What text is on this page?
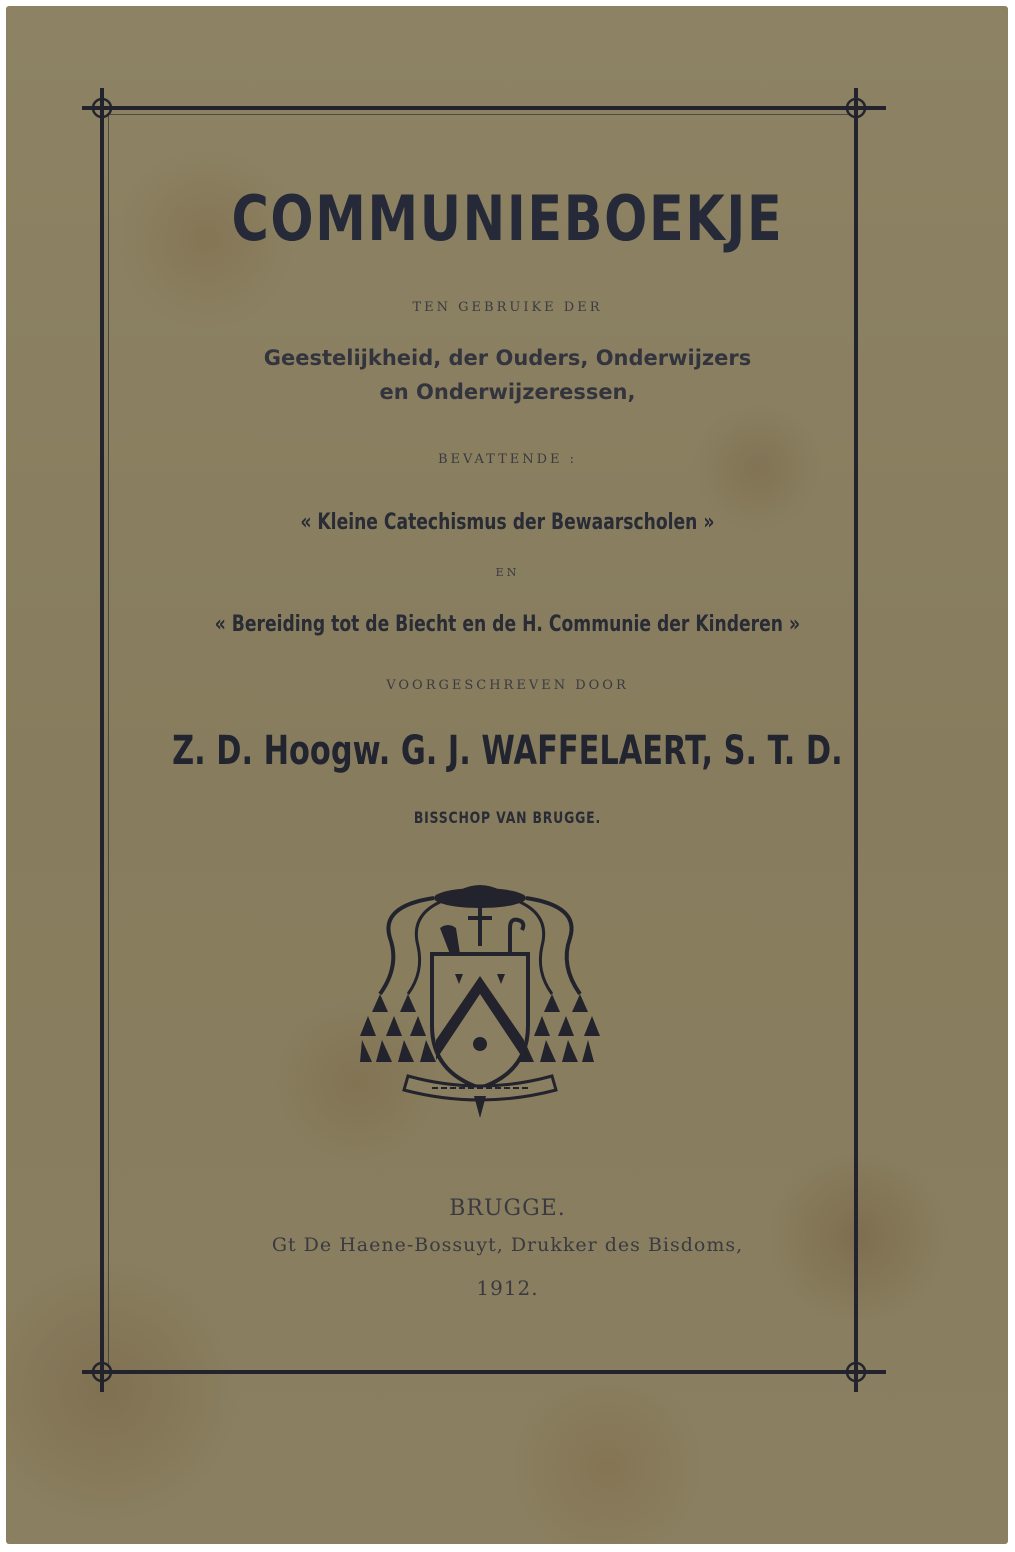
COMMUNIEBOEKJE
TEN GEBRUIKE DER
Geestelijkheid, der Ouders, Onderwijzers
en Onderwijzeressen,
BEVATTENDE :
« Kleine Catechismus der Bewaarscholen »
EN
« Bereiding tot de Biecht en de H. Communie der Kinderen »
VOORGESCHREVEN DOOR
Z. D. Hoogw. G. J. WAFFELAERT, S. T. D.
BISSCHOP VAN BRUGGE.
BRUGGE.
Gt De Haene-Bossuyt, Drukker des Bisdoms,
1912.
